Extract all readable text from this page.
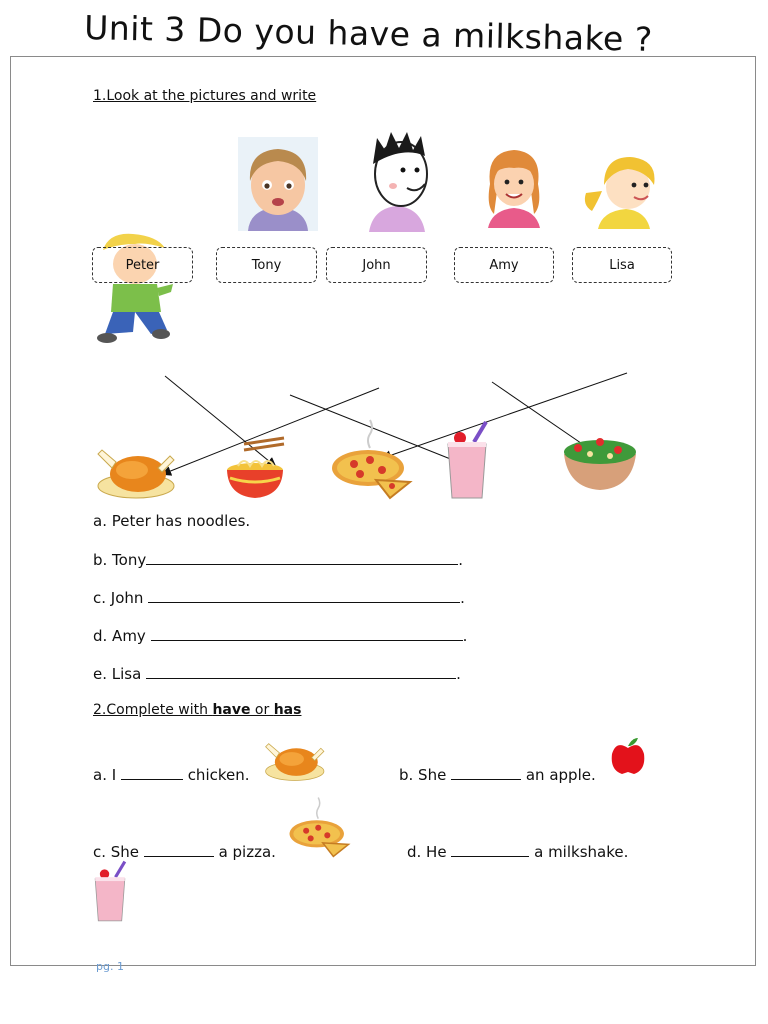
Unit 3 Do you have a milkshake ?
1.Look at the pictures and write
Peter	Tony	John	Amy	Lisa
a. Peter has noodles.
b. Tony	.
c. John	.
d. Amy	.
e. Lisa	.
2.Complete with have or has
a. I	chicken.	b. She	an apple.
c. She	a pizza.	d. He	a milkshake.
pg. 1
